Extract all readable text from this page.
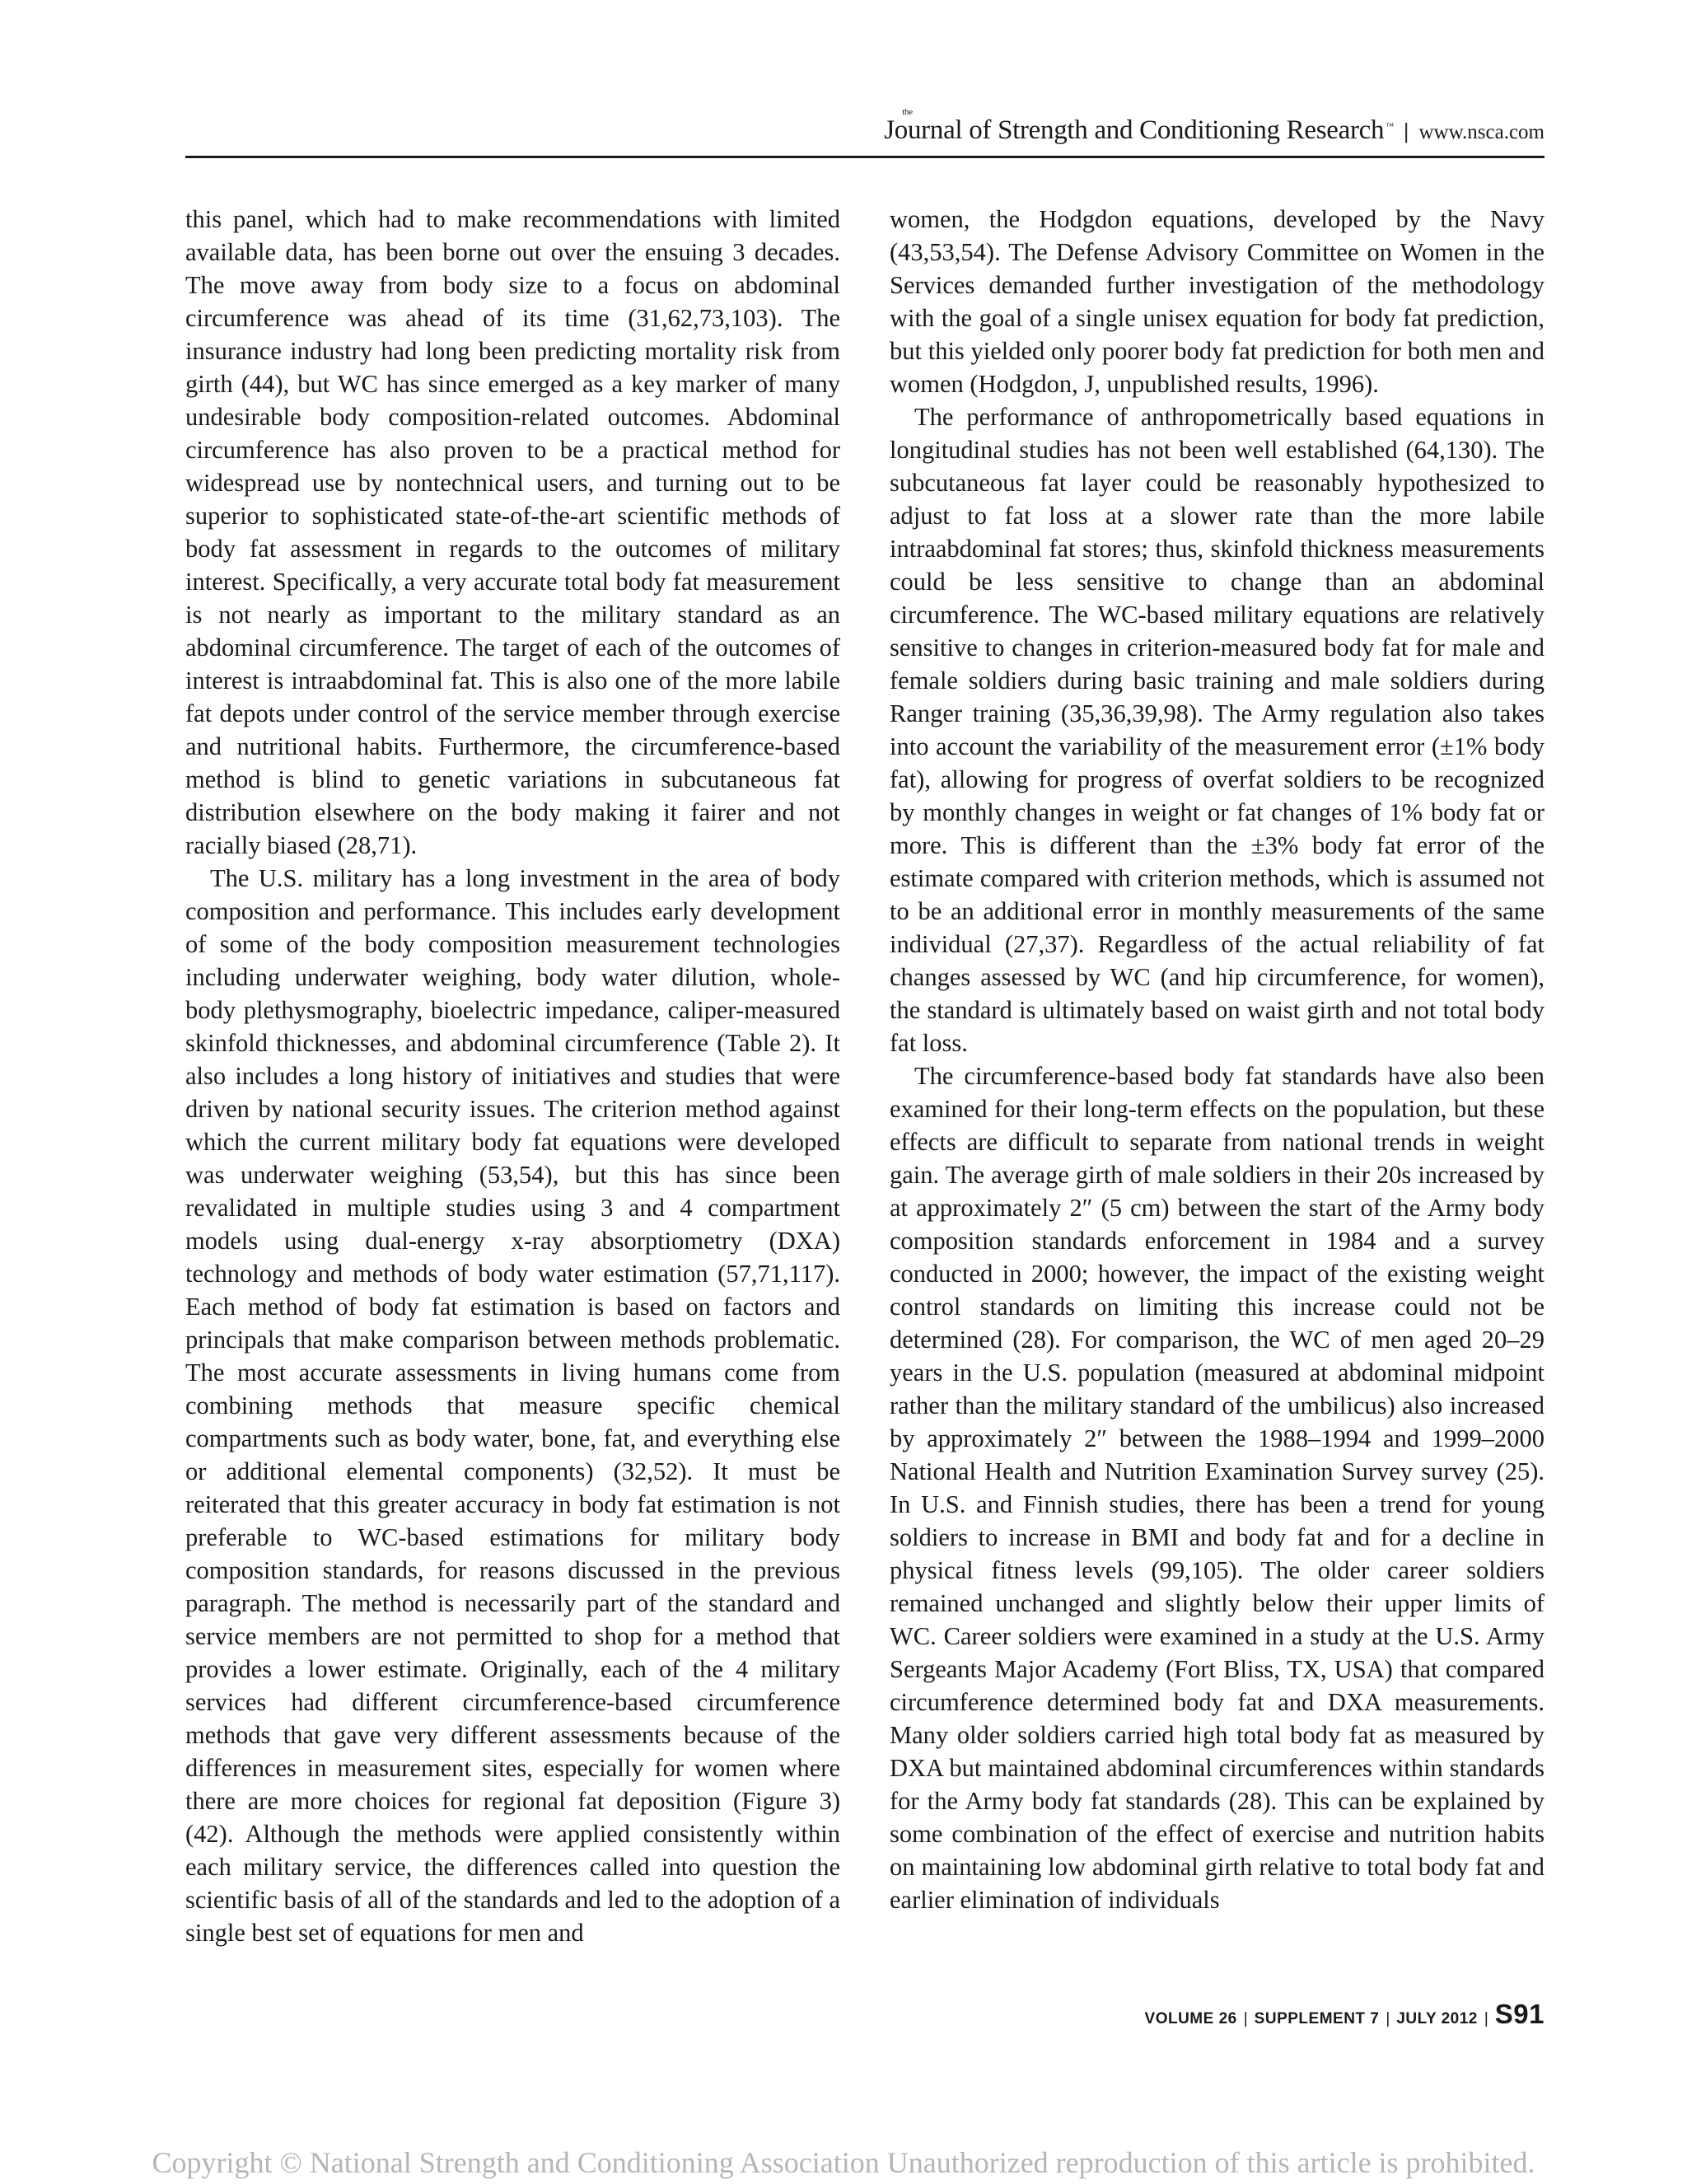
the
Journal of Strength and Conditioning Research ™ | www.nsca.com

this panel, which had to make recommendations with limited available data, has been borne out over the ensuing 3 decades. The move away from body size to a focus on abdominal circumference was ahead of its time (31,62,73,103). The insurance industry had long been predicting mortality risk from girth (44), but WC has since emerged as a key marker of many undesirable body composition-related outcomes. Abdominal circumference has also proven to be a practical method for widespread use by nontechnical users, and turning out to be superior to sophisticated state-of-the-art scientific methods of body fat assessment in regards to the outcomes of military interest. Specifically, a very accurate total body fat measurement is not nearly as important to the military standard as an abdominal circumference. The target of each of the outcomes of interest is intraabdominal fat. This is also one of the more labile fat depots under control of the service member through exercise and nutritional habits. Furthermore, the circumference-based method is blind to genetic variations in subcutaneous fat distribution elsewhere on the body making it fairer and not racially biased (28,71).

The U.S. military has a long investment in the area of body composition and performance. This includes early development of some of the body composition measurement technologies including underwater weighing, body water dilution, whole-body plethysmography, bioelectric impedance, caliper-measured skinfold thicknesses, and abdominal circumference (Table 2). It also includes a long history of initiatives and studies that were driven by national security issues. The criterion method against which the current military body fat equations were developed was underwater weighing (53,54), but this has since been revalidated in multiple studies using 3 and 4 compartment models using dual-energy x-ray absorptiometry (DXA) technology and methods of body water estimation (57,71,117). Each method of body fat estimation is based on factors and principals that make comparison between methods problematic. The most accurate assessments in living humans come from combining methods that measure specific chemical compartments such as body water, bone, fat, and everything else or additional elemental components) (32,52). It must be reiterated that this greater accuracy in body fat estimation is not preferable to WC-based estimations for military body composition standards, for reasons discussed in the previous paragraph. The method is necessarily part of the standard and service members are not permitted to shop for a method that provides a lower estimate. Originally, each of the 4 military services had different circumference-based circumference methods that gave very different assessments because of the differences in measurement sites, especially for women where there are more choices for regional fat deposition (Figure 3) (42). Although the methods were applied consistently within each military service, the differences called into question the scientific basis of all of the standards and led to the adoption of a single best set of equations for men and

women, the Hodgdon equations, developed by the Navy (43,53,54). The Defense Advisory Committee on Women in the Services demanded further investigation of the methodology with the goal of a single unisex equation for body fat prediction, but this yielded only poorer body fat prediction for both men and women (Hodgdon, J, unpublished results, 1996).

The performance of anthropometrically based equations in longitudinal studies has not been well established (64,130). The subcutaneous fat layer could be reasonably hypothesized to adjust to fat loss at a slower rate than the more labile intraabdominal fat stores; thus, skinfold thickness measurements could be less sensitive to change than an abdominal circumference. The WC-based military equations are relatively sensitive to changes in criterion-measured body fat for male and female soldiers during basic training and male soldiers during Ranger training (35,36,39,98). The Army regulation also takes into account the variability of the measurement error (±1% body fat), allowing for progress of overfat soldiers to be recognized by monthly changes in weight or fat changes of 1% body fat or more. This is different than the ±3% body fat error of the estimate compared with criterion methods, which is assumed not to be an additional error in monthly measurements of the same individual (27,37). Regardless of the actual reliability of fat changes assessed by WC (and hip circumference, for women), the standard is ultimately based on waist girth and not total body fat loss.

The circumference-based body fat standards have also been examined for their long-term effects on the population, but these effects are difficult to separate from national trends in weight gain. The average girth of male soldiers in their 20s increased by at approximately 2″ (5 cm) between the start of the Army body composition standards enforcement in 1984 and a survey conducted in 2000; however, the impact of the existing weight control standards on limiting this increase could not be determined (28). For comparison, the WC of men aged 20–29 years in the U.S. population (measured at abdominal midpoint rather than the military standard of the umbilicus) also increased by approximately 2″ between the 1988–1994 and 1999–2000 National Health and Nutrition Examination Survey survey (25). In U.S. and Finnish studies, there has been a trend for young soldiers to increase in BMI and body fat and for a decline in physical fitness levels (99,105). The older career soldiers remained unchanged and slightly below their upper limits of WC. Career soldiers were examined in a study at the U.S. Army Sergeants Major Academy (Fort Bliss, TX, USA) that compared circumference determined body fat and DXA measurements. Many older soldiers carried high total body fat as measured by DXA but maintained abdominal circumferences within standards for the Army body fat standards (28). This can be explained by some combination of the effect of exercise and nutrition habits on maintaining low abdominal girth relative to total body fat and earlier elimination of individuals

VOLUME 26 | SUPPLEMENT 7 | JULY 2012 | S91
Copyright © National Strength and Conditioning Association Unauthorized reproduction of this article is prohibited.
